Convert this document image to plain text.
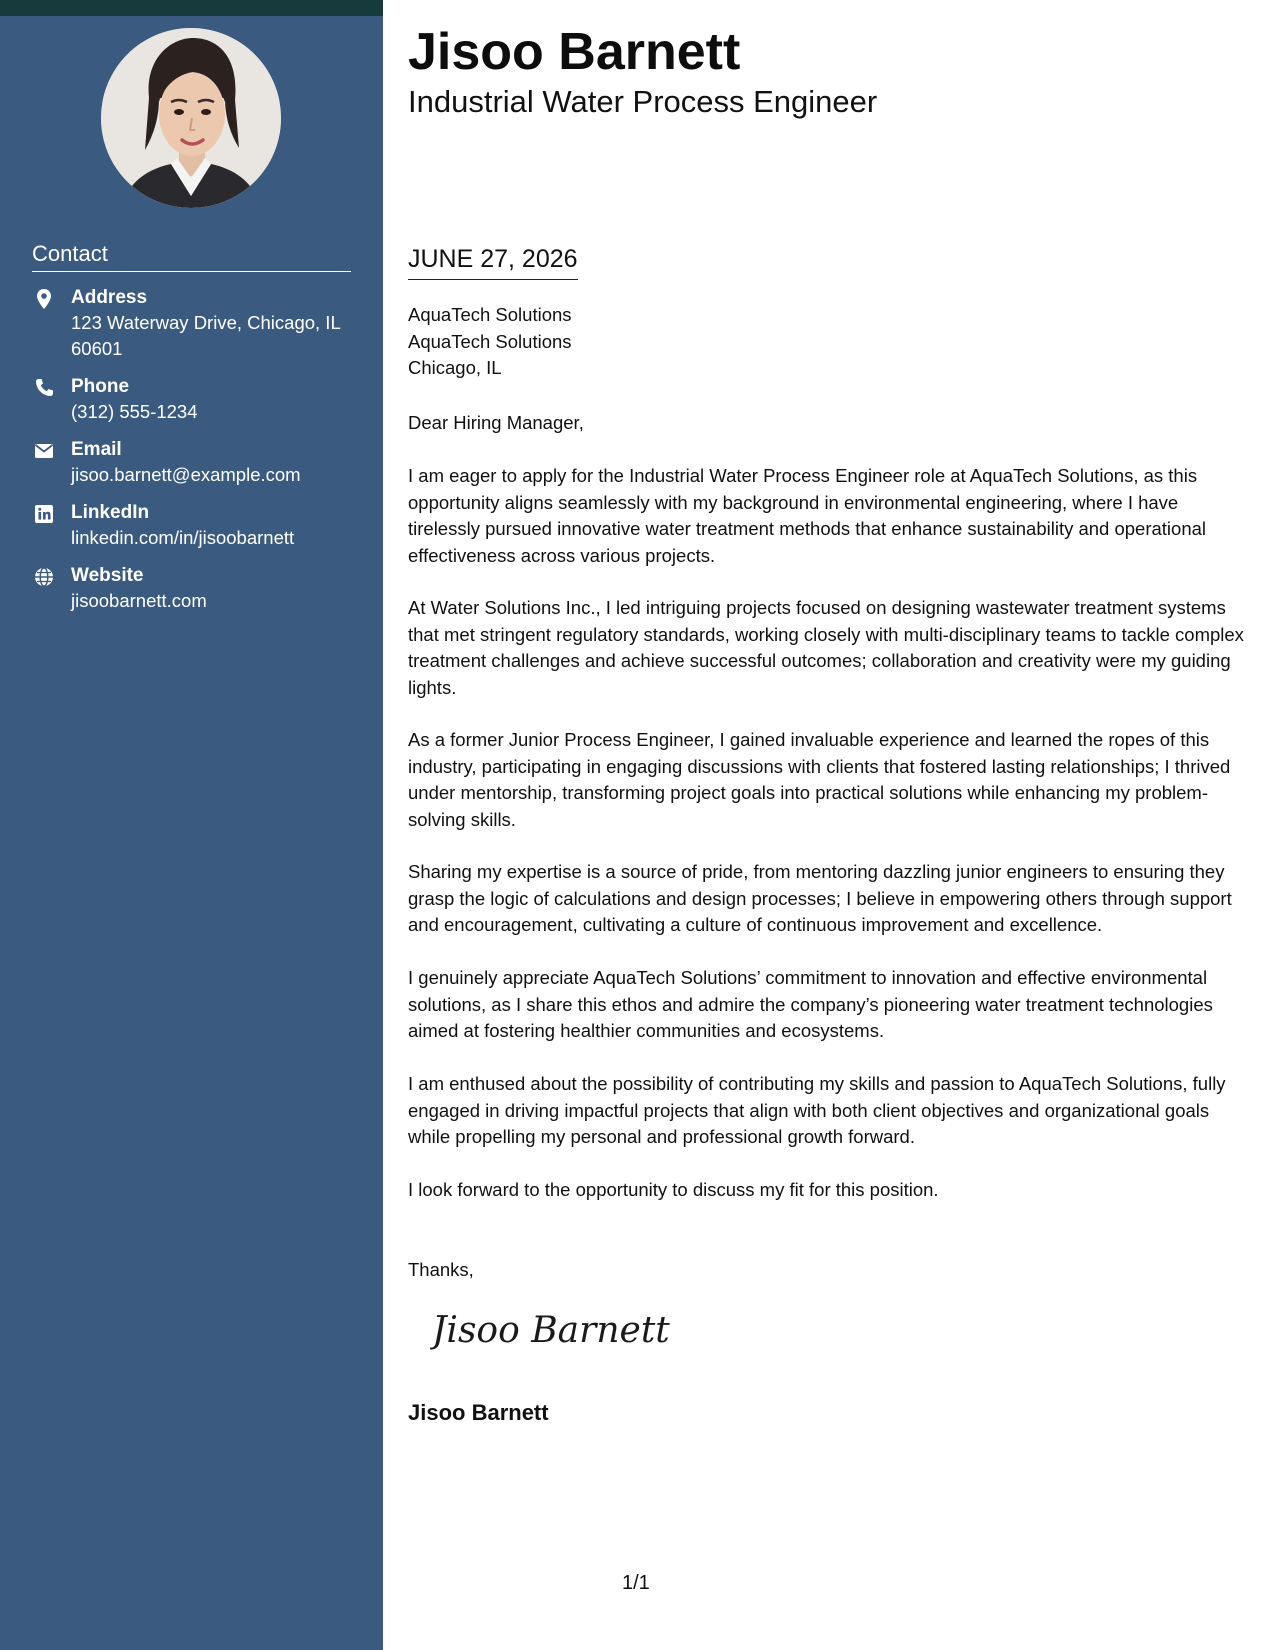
Contact
Address
123 Waterway Drive, Chicago, IL 60601
Phone
(312) 555-1234
Email
jisoo.barnett@example.com
LinkedIn
linkedin.com/in/jisoobarnett
Website
jisoobarnett.com
Jisoo Barnett
Industrial Water Process Engineer
JUNE 27, 2026
AquaTech Solutions
AquaTech Solutions
Chicago, IL
Dear Hiring Manager,
I am eager to apply for the Industrial Water Process Engineer role at AquaTech Solutions, as this opportunity aligns seamlessly with my background in environmental engineering, where I have tirelessly pursued innovative water treatment methods that enhance sustainability and operational effectiveness across various projects.
At Water Solutions Inc., I led intriguing projects focused on designing wastewater treatment systems that met stringent regulatory standards, working closely with multi-disciplinary teams to tackle complex treatment challenges and achieve successful outcomes; collaboration and creativity were my guiding lights.
As a former Junior Process Engineer, I gained invaluable experience and learned the ropes of this industry, participating in engaging discussions with clients that fostered lasting relationships; I thrived under mentorship, transforming project goals into practical solutions while enhancing my problem-solving skills.
Sharing my expertise is a source of pride, from mentoring dazzling junior engineers to ensuring they grasp the logic of calculations and design processes; I believe in empowering others through support and encouragement, cultivating a culture of continuous improvement and excellence.
I genuinely appreciate AquaTech Solutions’ commitment to innovation and effective environmental solutions, as I share this ethos and admire the company’s pioneering water treatment technologies aimed at fostering healthier communities and ecosystems.
I am enthused about the possibility of contributing my skills and passion to AquaTech Solutions, fully engaged in driving impactful projects that align with both client objectives and organizational goals while propelling my personal and professional growth forward.
I look forward to the opportunity to discuss my fit for this position.
Thanks,
Jisoo Barnett
Jisoo Barnett
1/1
